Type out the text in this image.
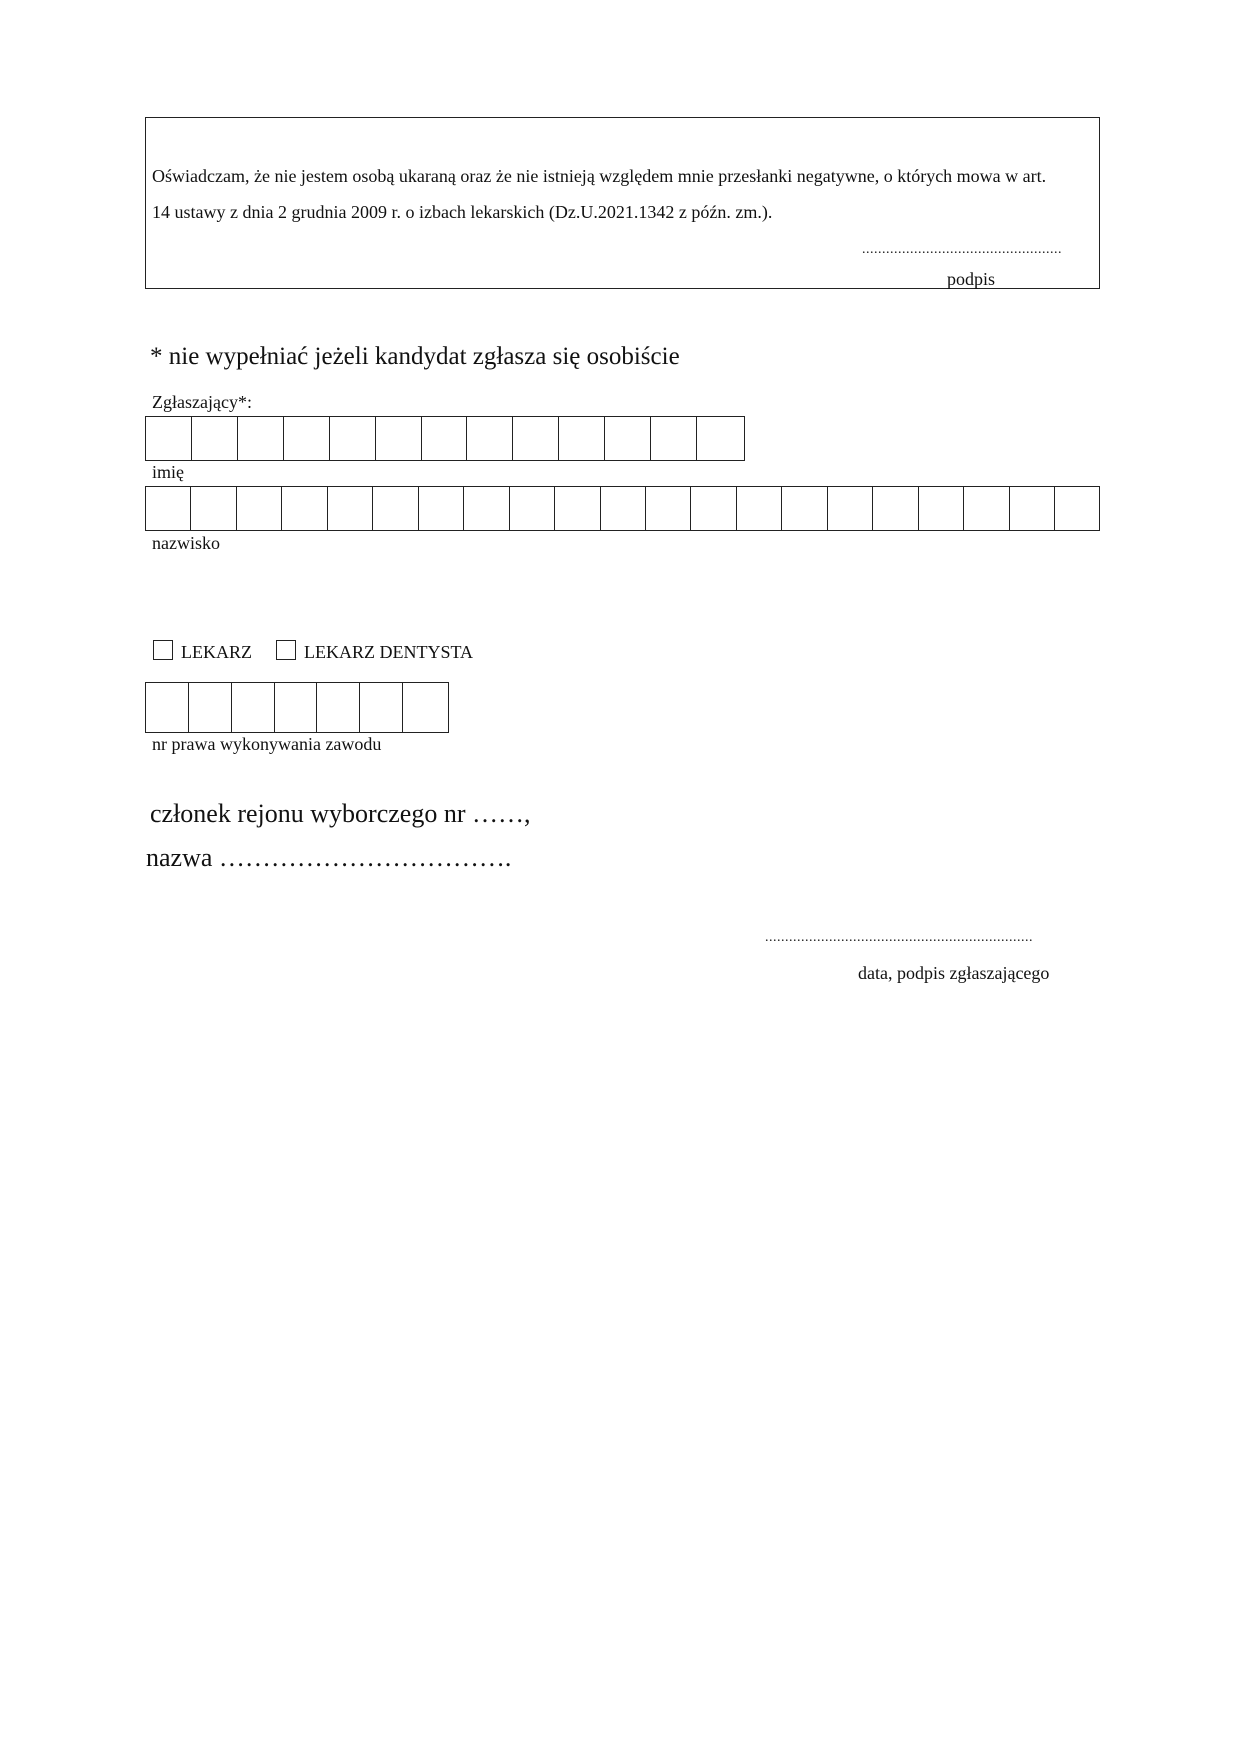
Oświadczam, że nie jestem osobą ukaraną oraz że nie istnieją względem mnie przesłanki negatywne, o których mowa w art.
14 ustawy z dnia 2 grudnia 2009 r. o izbach lekarskich (Dz.U.2021.1342 z późn. zm.).
..................................................
podpis
* nie wypełniać jeżeli kandydat zgłasza się osobiście
Zgłaszający*:
imię
nazwisko
LEKARZ	LEKARZ DENTYSTA
nr prawa wykonywania zawodu
członek rejonu wyborczego nr ……,
nazwa …………………………….
...................................................................
data, podpis zgłaszającego
